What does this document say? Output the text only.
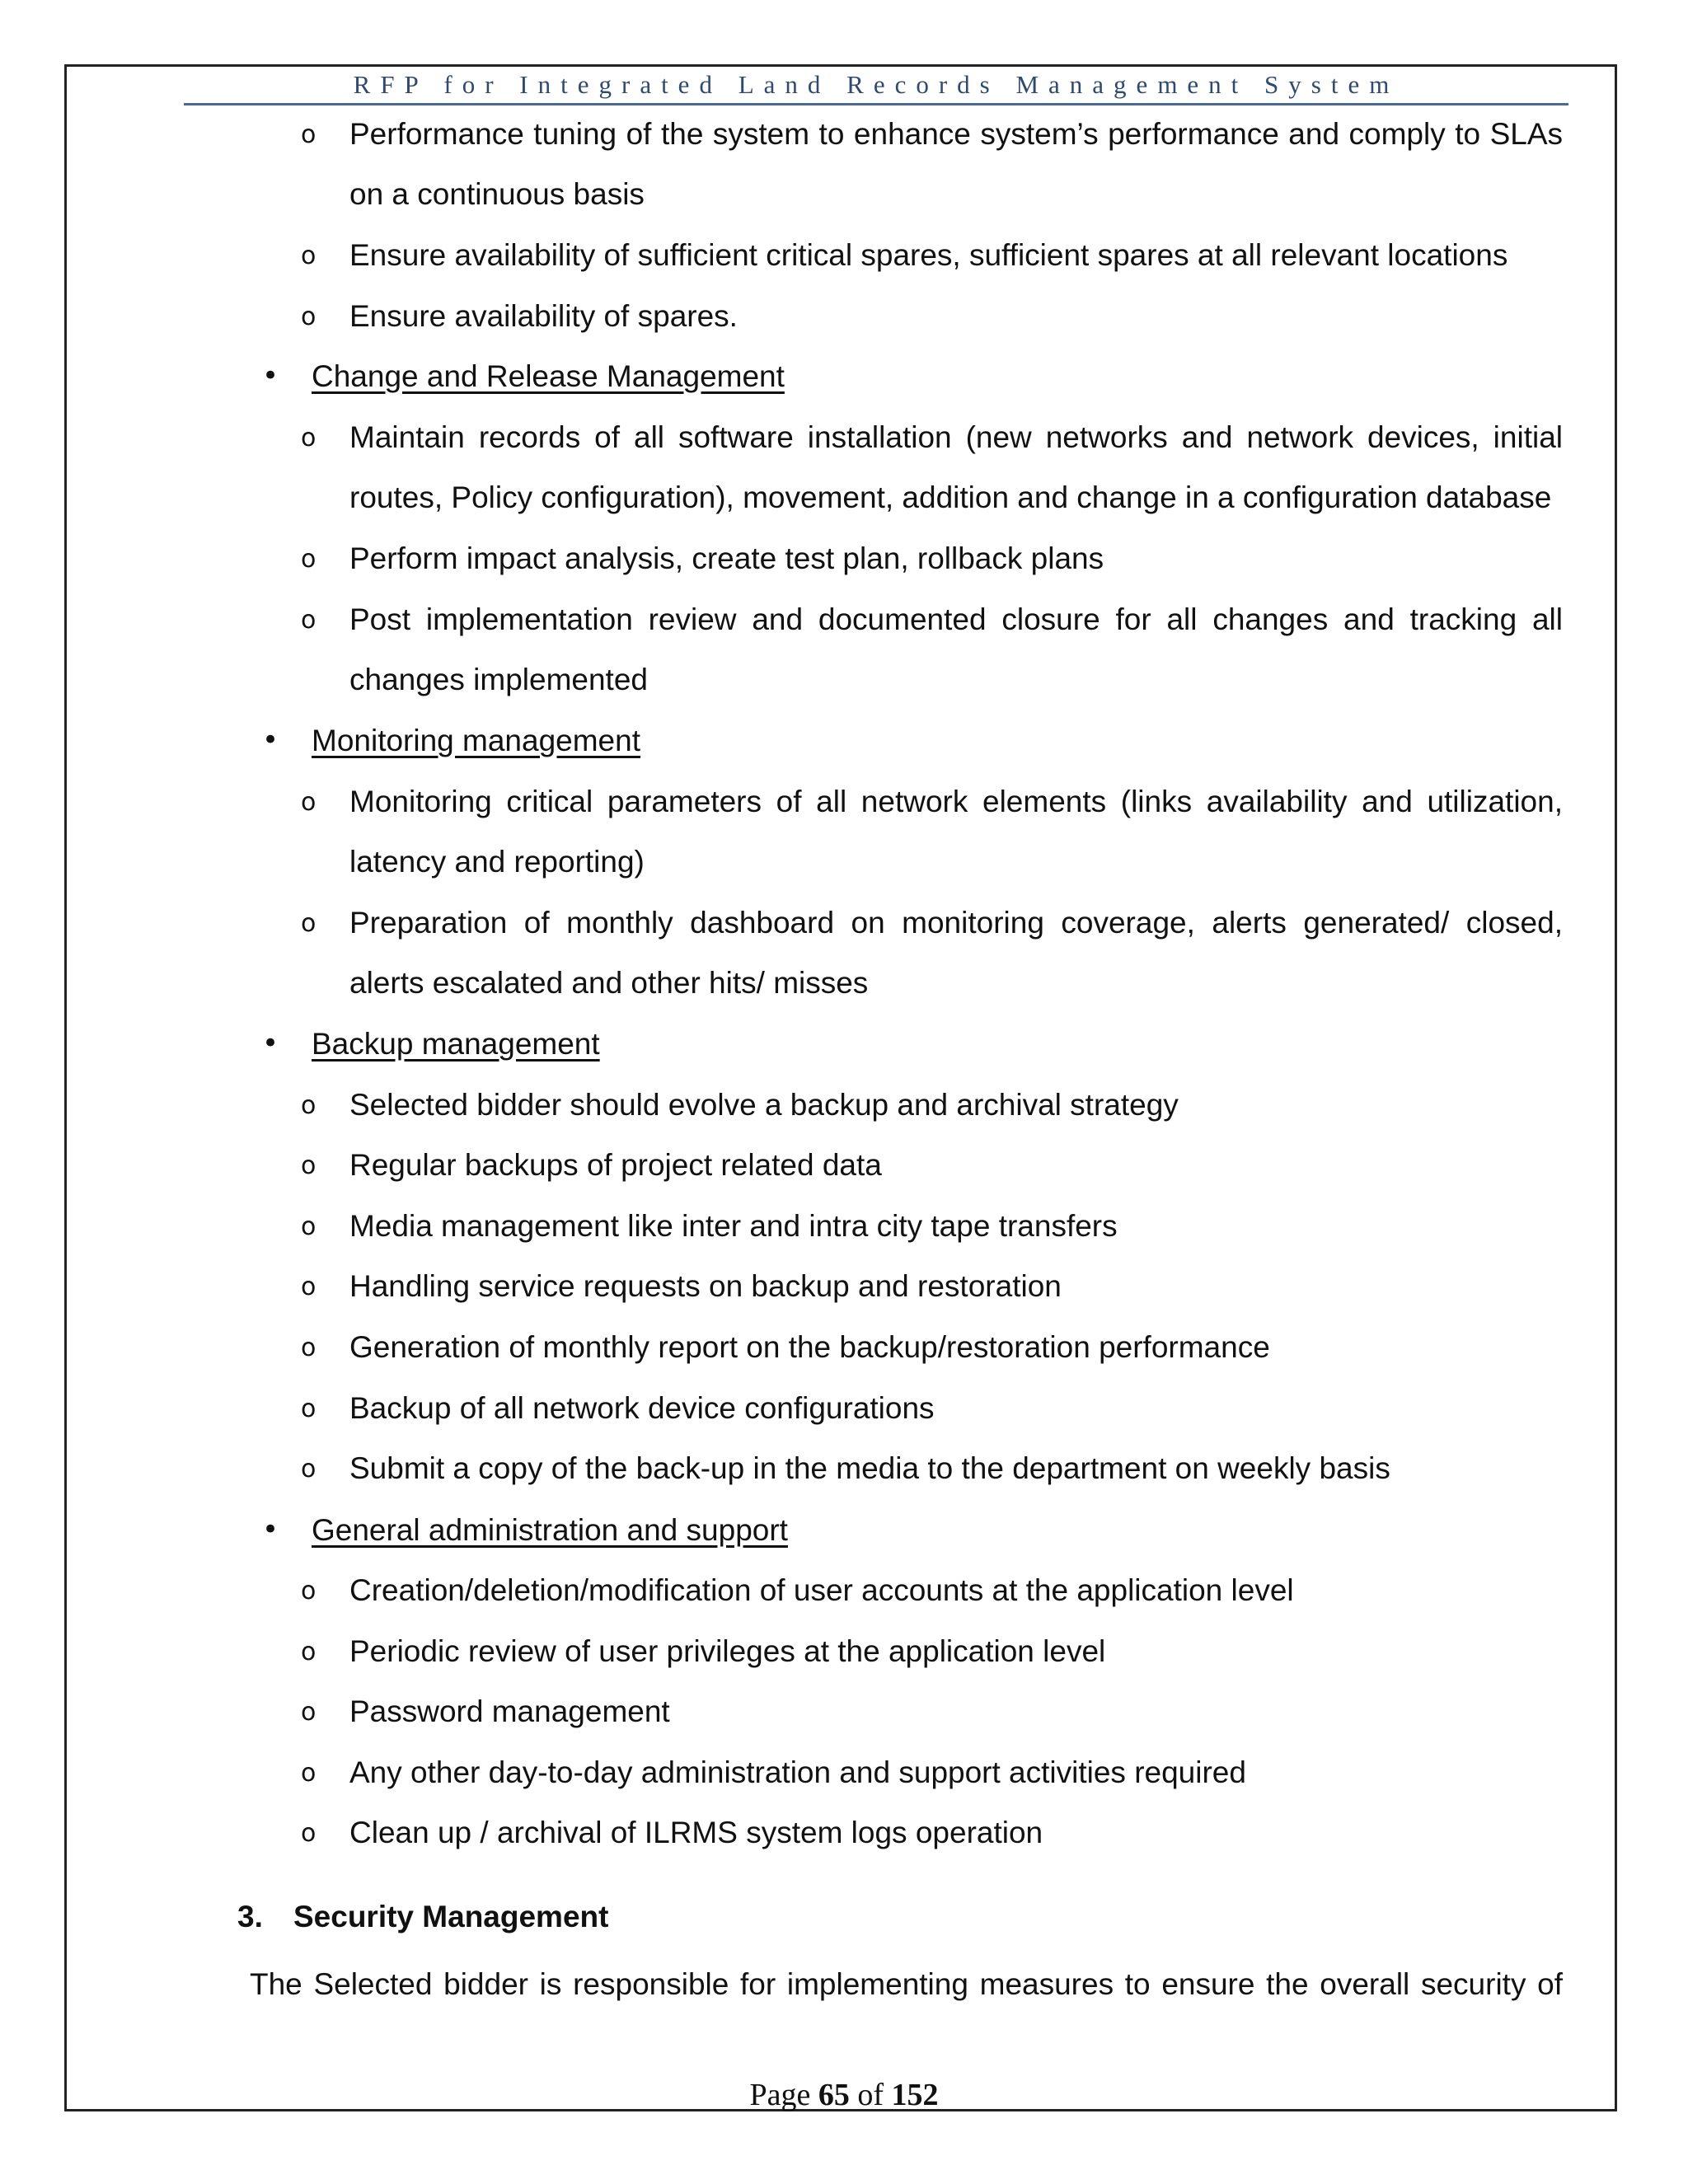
RFP for Integrated Land Records Management System
o Performance tuning of the system to enhance system’s performance and comply to SLAs
on a continuous basis
o Ensure availability of sufficient critical spares, sufficient spares at all relevant locations
o Ensure availability of spares.
• Change and Release Management
o Maintain records of all software installation (new networks and network devices, initial
routes, Policy configuration), movement, addition and change in a configuration database
o Perform impact analysis, create test plan, rollback plans
o Post implementation review and documented closure for all changes and tracking all
changes implemented
• Monitoring management
o Monitoring critical parameters of all network elements (links availability and utilization,
latency and reporting)
o Preparation of monthly dashboard on monitoring coverage, alerts generated/ closed,
alerts escalated and other hits/ misses
• Backup management
o Selected bidder should evolve a backup and archival strategy
o Regular backups of project related data
o Media management like inter and intra city tape transfers
o Handling service requests on backup and restoration
o Generation of monthly report on the backup/restoration performance
o Backup of all network device configurations
o Submit a copy of the back-up in the media to the department on weekly basis
• General administration and support
o Creation/deletion/modification of user accounts at the application level
o Periodic review of user privileges at the application level
o Password management
o Any other day-to-day administration and support activities required
o Clean up / archival of ILRMS system logs operation
3. Security Management
The Selected bidder is responsible for implementing measures to ensure the overall security of
Page 65 of 152
